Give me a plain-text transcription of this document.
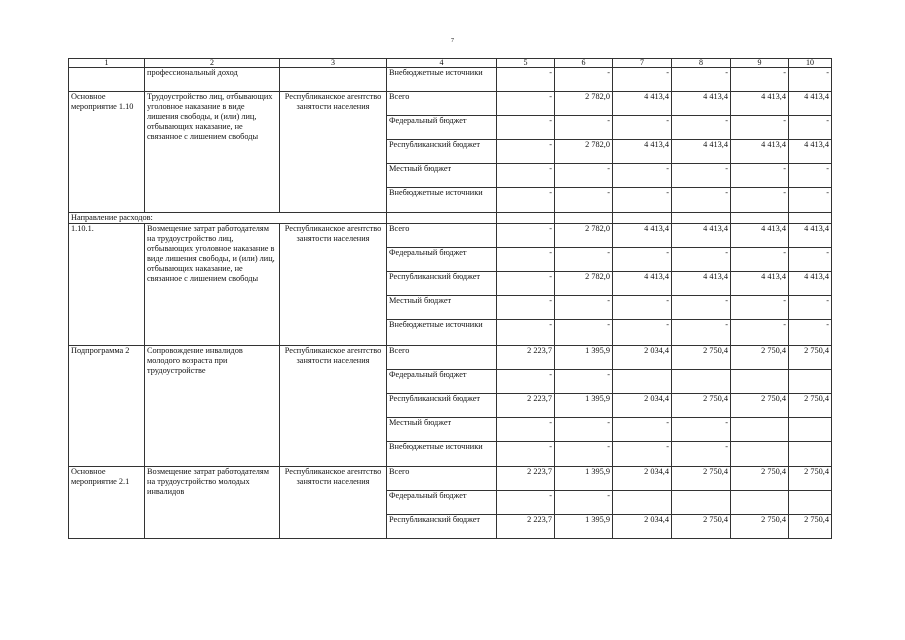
7
1	2	3	4	5	6	7	8	9	10
	профессиональный доход		Внебюджетные источники	-	-	-	-	-	-
Основное мероприятие 1.10	Трудоустройство лиц, отбывающих уголовное наказание в виде лишения свободы, и (или) лиц, отбывающих наказание, не связанное с лишением свободы	Республиканское агентство занятости населения	Всего	-	2 782,0	4 413,4	4 413,4	4 413,4	4 413,4
			Федеральный бюджет	-	-	-	-	-	-
			Республиканский бюджет	-	2 782,0	4 413,4	4 413,4	4 413,4	4 413,4
			Местный бюджет	-	-	-	-	-	-
			Внебюджетные источники	-	-	-	-	-	-
Направление расходов:									
1.10.1.	Возмещение затрат работодателям на трудоустройство лиц, отбывающих уголовное наказание в виде лишения свободы, и (или) лиц, отбывающих наказание, не связанное с лишением свободы	Республиканское агентство занятости населения	Всего	-	2 782,0	4 413,4	4 413,4	4 413,4	4 413,4
			Федеральный бюджет	-	-	-	-	-	-
			Республиканский бюджет	-	2 782,0	4 413,4	4 413,4	4 413,4	4 413,4
			Местный бюджет	-	-	-	-	-	-
			Внебюджетные источники	-	-	-	-	-	-
Подпрограмма 2	Сопровождение инвалидов молодого возраста при трудоустройстве	Республиканское агентство занятости населения	Всего	2 223,7	1 395,9	2 034,4	2 750,4	2 750,4	2 750,4
			Федеральный бюджет	-	-				
			Республиканский бюджет	2 223,7	1 395,9	2 034,4	2 750,4	2 750,4	2 750,4
			Местный бюджет	-	-	-	-		
			Внебюджетные источники	-	-	-	-		
Основное мероприятие 2.1	Возмещение затрат работодателям на трудоустройство молодых инвалидов	Республиканское агентство занятости населения	Всего	2 223,7	1 395,9	2 034,4	2 750,4	2 750,4	2 750,4
			Федеральный бюджет	-	-				
			Республиканский бюджет	2 223,7	1 395,9	2 034,4	2 750,4	2 750,4	2 750,4
